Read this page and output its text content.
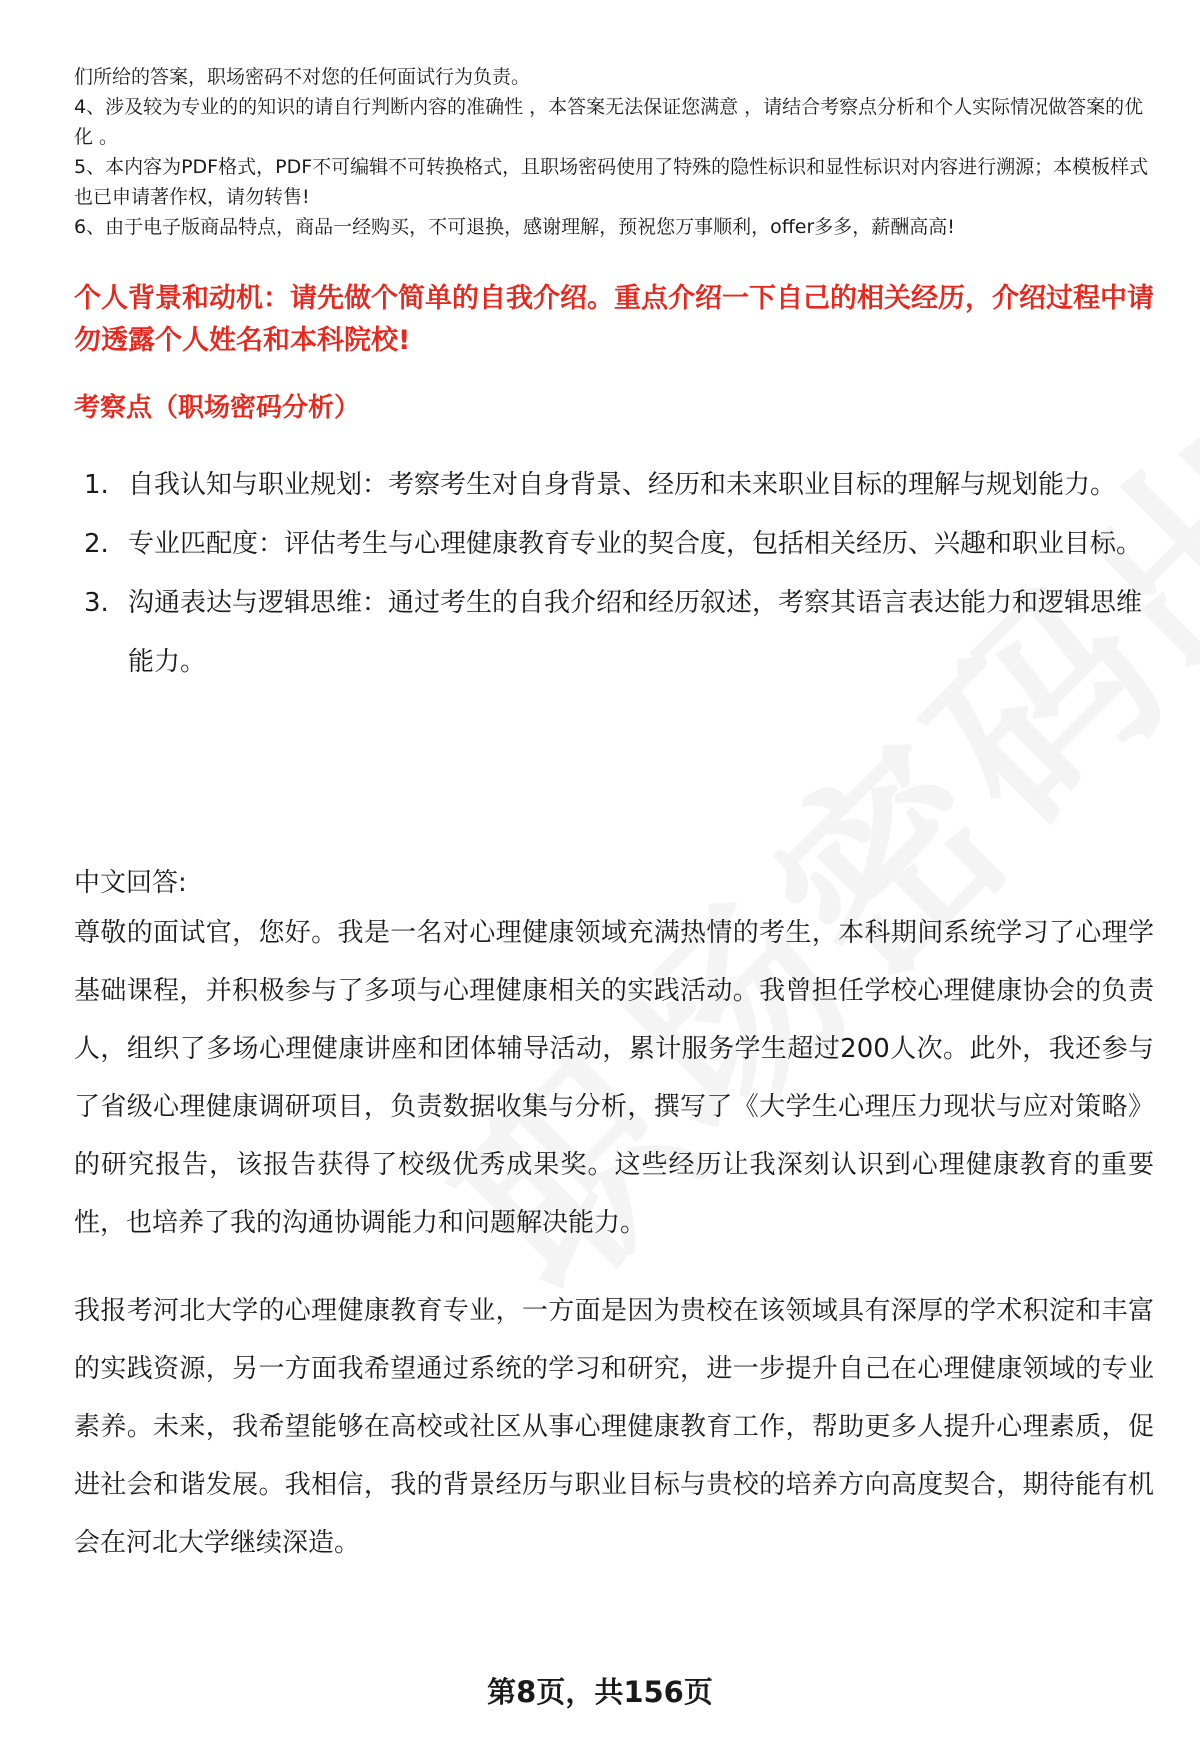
们所给的答案，职场密码不对您的任何面试行为负责。

4、涉及较为专业的的知识的请自行判断内容的准确性 ，本答案无法保证您满意 ，请结合考察点分析和个人实际情况做答案的优化 。

5、本内容为PDF格式，PDF不可编辑不可转换格式，且职场密码使用了特殊的隐性标识和显性标识对内容进行溯源；本模板样式也已申请著作权，请勿转售!

6、由于电子版商品特点，商品一经购买，不可退换，感谢理解，预祝您万事顺利，offer多多，薪酬高高!

个人背景和动机：请先做个简单的自我介绍。重点介绍一下自己的相关经历，介绍过程中请勿透露个人姓名和本科院校!
考察点（职场密码分析）
1. 自我认知与职业规划：考察考生对自身背景、经历和未来职业目标的理解与规划能力。
2. 专业匹配度：评估考生与心理健康教育专业的契合度，包括相关经历、兴趣和职业目标。
3. 沟通表达与逻辑思维：通过考生的自我介绍和经历叙述，考察其语言表达能力和逻辑思维能力。

中文回答:

尊敬的面试官，您好。我是一名对心理健康领域充满热情的考生，本科期间系统学习了心理学基础课程，并积极参与了多项与心理健康相关的实践活动。我曾担任学校心理健康协会的负责人，组织了多场心理健康讲座和团体辅导活动，累计服务学生超过200人次。此外，我还参与了省级心理健康调研项目，负责数据收集与分析，撰写了《大学生心理压力现状与应对策略》的研究报告，该报告获得了校级优秀成果奖。这些经历让我深刻认识到心理健康教育的重要性，也培养了我的沟通协调能力和问题解决能力。

我报考河北大学的心理健康教育专业，一方面是因为贵校在该领域具有深厚的学术积淀和丰富的实践资源，另一方面我希望通过系统的学习和研究，进一步提升自己在心理健康领域的专业素养。未来，我希望能够在高校或社区从事心理健康教育工作，帮助更多人提升心理素质，促进社会和谐发展。我相信，我的背景经历与职业目标与贵校的培养方向高度契合，期待能有机会在河北大学继续深造。

第8页，共156页
